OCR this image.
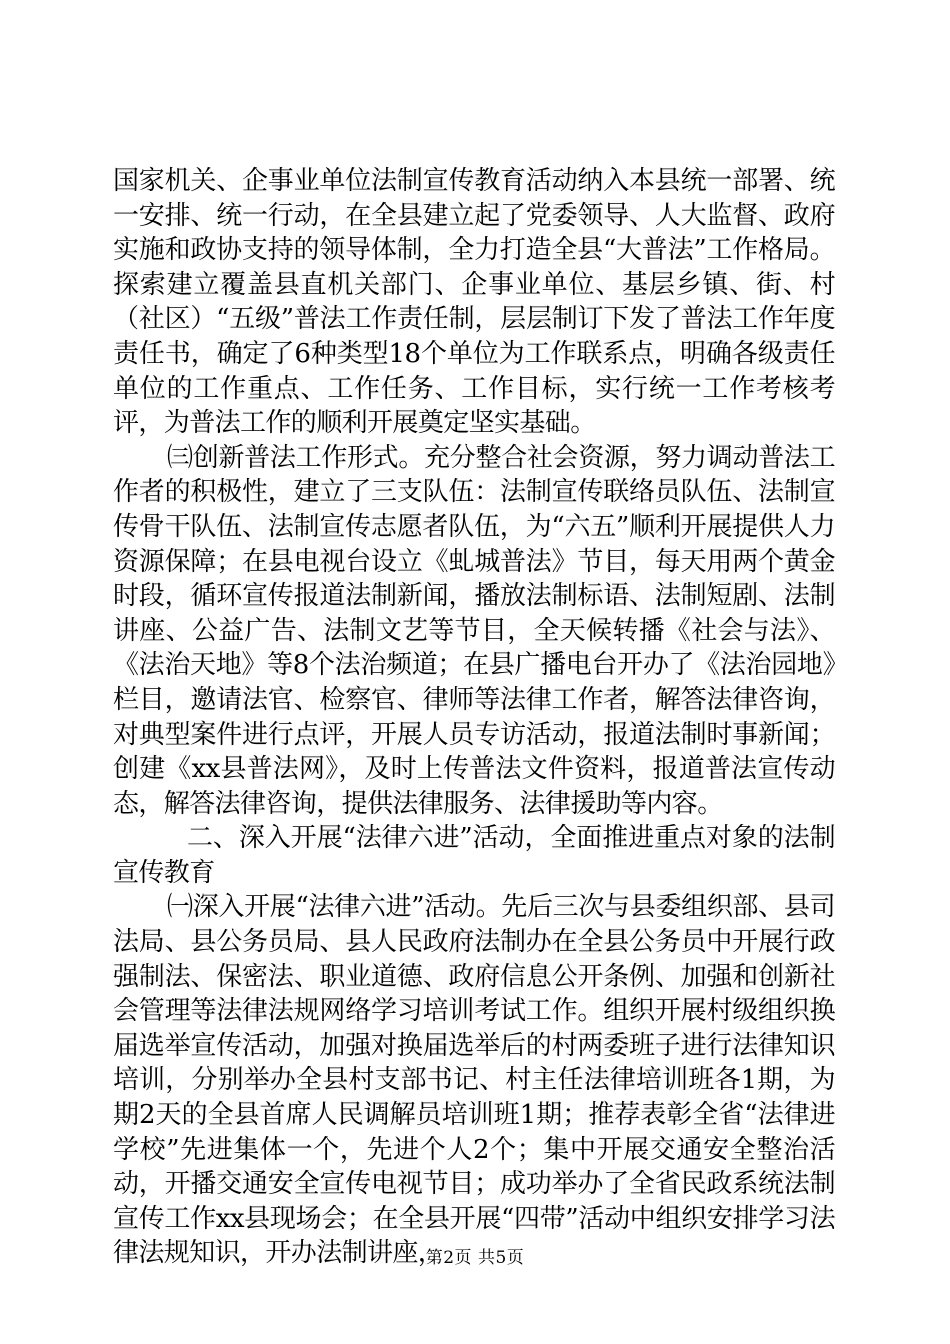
国家机关、企事业单位法制宣传教育活动纳入本县统一部署、统一安排、统一行动，在全县建立起了党委领导、人大监督、政府实施和政协支持的领导体制，全力打造全县“大普法”工作格局。探索建立覆盖县直机关部门、企事业单位、基层乡镇、街、村（社区）“五级”普法工作责任制，层层制订下发了普法工作年度责任书，确定了6种类型18个单位为工作联系点，明确各级责任单位的工作重点、工作任务、工作目标，实行统一工作考核考评，为普法工作的顺利开展奠定坚实基础。

㈢创新普法工作形式。充分整合社会资源，努力调动普法工作者的积极性，建立了三支队伍：法制宣传联络员队伍、法制宣传骨干队伍、法制宣传志愿者队伍，为“六五”顺利开展提供人力资源保障；在县电视台设立《虬城普法》节目，每天用两个黄金时段，循环宣传报道法制新闻，播放法制标语、法制短剧、法制讲座、公益广告、法制文艺等节目，全天候转播《社会与法》、《法治天地》等8个法治频道；在县广播电台开办了《法治园地》栏目，邀请法官、检察官、律师等法律工作者，解答法律咨询，对典型案件进行点评，开展人员专访活动，报道法制时事新闻；创建《xx县普法网》，及时上传普法文件资料，报道普法宣传动态，解答法律咨询，提供法律服务、法律援助等内容。

二、深入开展“法律六进”活动，全面推进重点对象的法制宣传教育

㈠深入开展“法律六进”活动。先后三次与县委组织部、县司法局、县公务员局、县人民政府法制办在全县公务员中开展行政强制法、保密法、职业道德、政府信息公开条例、加强和创新社会管理等法律法规网络学习培训考试工作。组织开展村级组织换届选举宣传活动，加强对换届选举后的村两委班子进行法律知识培训，分别举办全县村支部书记、村主任法律培训班各1期，为期2天的全县首席人民调解员培训班1期；推荐表彰全省“法律进学校”先进集体一个，先进个人2个；集中开展交通安全整治活动，开播交通安全宣传电视节目；成功举办了全省民政系统法制宣传工作xx县现场会；在全县开展“四带”活动中组织安排学习法律法规知识，开办法制讲座，

第2页 共5页
